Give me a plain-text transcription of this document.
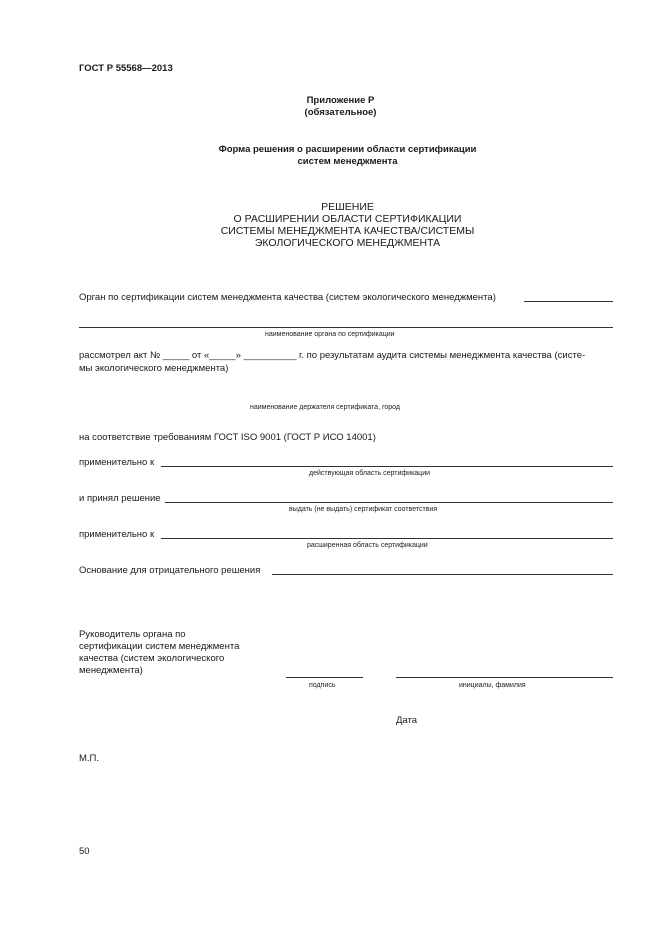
ГОСТ Р 55568—2013
Приложение Р
(обязательное)
Форма решения о расширении области сертификации
систем менеджмента
РЕШЕНИЕ
О РАСШИРЕНИИ ОБЛАСТИ СЕРТИФИКАЦИИ
СИСТЕМЫ МЕНЕДЖМЕНТА КАЧЕСТВА/СИСТЕМЫ
ЭКОЛОГИЧЕСКОГО МЕНЕДЖМЕНТА
Орган по сертификации систем менеджмента качества (систем экологического менеджмента)
наименование органа по сертификации
рассмотрел акт № _____ от «_____» __________ г. по результатам аудита системы менеджмента качества (систе-
мы экологического менеджмента)
наименование держателя сертификата, город
на соответствие требованиям ГОСТ ISO 9001 (ГОСТ Р ИСО 14001)
применительно к
действующая область сертификации
и принял решение
выдать (не выдать) сертификат соответствия
применительно к
расширенная область сертификации
Основание для отрицательного решения
Руководитель органа по
сертификации систем менеджмента
качества (систем экологического
менеджмента)
подпись	инициалы, фамилия
Дата
М.П.
50
